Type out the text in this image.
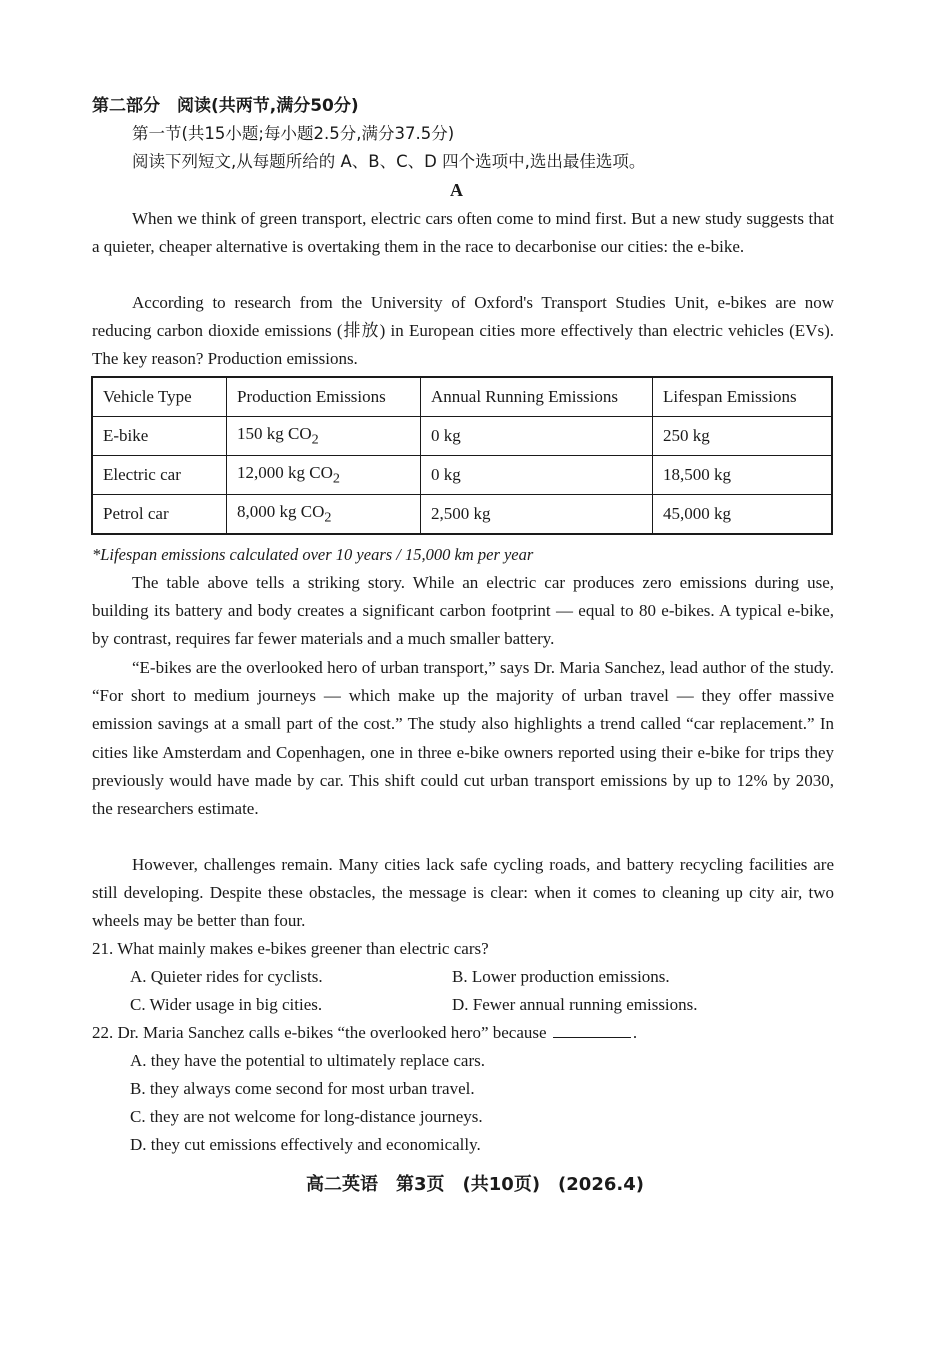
第二部分　阅读(共两节,满分50分)
第一节(共15小题;每小题2.5分,满分37.5分)
阅读下列短文,从每题所给的 A、B、C、D 四个选项中,选出最佳选项。
A

When we think of green transport, electric cars often come to mind first. But a new study suggests that a quieter, cheaper alternative is overtaking them in the race to decarbonise our cities: the e-bike.

According to research from the University of Oxford's Transport Studies Unit, e-bikes are now reducing carbon dioxide emissions (排放) in European cities more effectively than electric vehicles (EVs). The key reason? Production emissions.

Vehicle Type	Production Emissions	Annual Running Emissions	Lifespan Emissions
E-bike	150 kg $CO_2$	0 kg	250 kg
Electric car	12,000 kg $CO_2$	0 kg	18,500 kg
Petrol car	8,000 kg $CO_2$	2,500 kg	45,000 kg
*Lifespan emissions calculated over 10 years / 15,000 km per year

The table above tells a striking story. While an electric car produces zero emissions during use, building its battery and body creates a significant carbon footprint — equal to 80 e-bikes. A typical e-bike, by contrast, requires far fewer materials and a much smaller battery.

“E-bikes are the overlooked hero of urban transport,” says Dr. Maria Sanchez, lead author of the study. “For short to medium journeys — which make up the majority of urban travel — they offer massive emission savings at a small part of the cost.” The study also highlights a trend called “car replacement.” In cities like Amsterdam and Copenhagen, one in three e-bike owners reported using their e-bike for trips they previously would have made by car. This shift could cut urban transport emissions by up to 12% by 2030, the researchers estimate.

However, challenges remain. Many cities lack safe cycling roads, and battery recycling facilities are still developing. Despite these obstacles, the message is clear: when it comes to cleaning up city air, two wheels may be better than four.

21. What mainly makes e-bikes greener than electric cars?
A. Quieter rides for cyclists.	B. Lower production emissions.
C. Wider usage in big cities.	D. Fewer annual running emissions.
22. Dr. Maria Sanchez calls e-bikes “the overlooked hero” because	.
A. they have the potential to ultimately replace cars.
B. they always come second for most urban travel.
C. they are not welcome for long-distance journeys.
D. they cut emissions effectively and economically.
高二英语　第3页　(共10页)　(2026.4)
